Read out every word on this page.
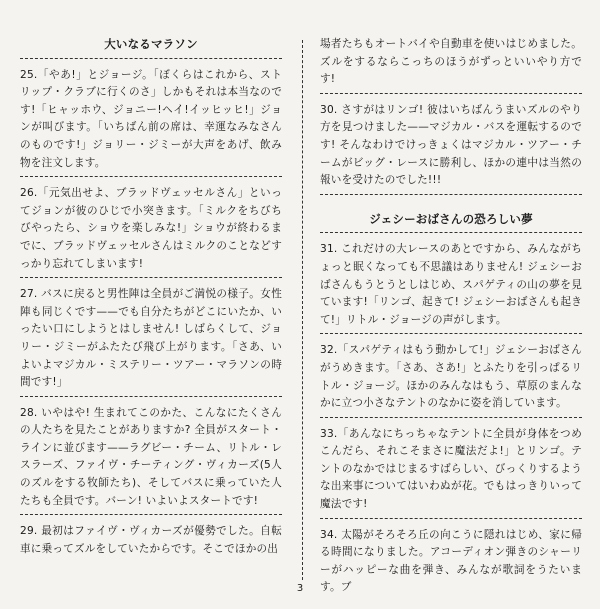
大いなるマラソン
25.「やあ!」とジョージ。「ぼくらはこれから、ストリップ・クラブに行くのさ」しかもそれは本当なのです!「ヒャッホウ、ジョニー!ヘイ!イッヒッヒ!」ジョンが叫びます。「いちばん前の席は、幸運なみなさんのものです!」ジョリー・ジミーが大声をあげ、飲み物を注文します。
26.「元気出せよ、ブラッドヴェッセルさん」といってジョンが彼のひじで小突きます。「ミルクをちびちびやったら、ショウを楽しみな!」ショウが終わるまでに、ブラッドヴェッセルさんはミルクのことなどすっかり忘れてしまいます!
27. バスに戻ると男性陣は全員がご満悦の様子。女性陣も同じくです——でも自分たちがどこにいたか、いったい口にしようとはしません! しばらくして、ジョリー・ジミーがふたたび飛び上がります。「さあ、いよいよマジカル・ミステリー・ツアー・マラソンの時間です!」
28. いやはや! 生まれてこのかた、こんなにたくさんの人たちを見たことがありますか? 全員がスタート・ラインに並びます——ラグビー・チーム、リトル・レスラーズ、ファイヴ・チーティング・ヴィカーズ(5人のズルをする牧師たち)、そしてバスに乗っていた人たちも全員です。バーン! いよいよスタートです!
29. 最初はファイヴ・ヴィカーズが優勢でした。自転車に乗ってズルをしていたからです。そこでほかの出
場者たちもオートバイや自動車を使いはじめました。ズルをするならこっちのほうがずっといいやり方です!
30. さすがはリンゴ! 彼はいちばんうまいズルのやり方を見つけました——マジカル・バスを運転するのです! そんなわけでけっきょくはマジカル・ツアー・チームがビッグ・レースに勝利し、ほかの連中は当然の報いを受けたのでした!!!
ジェシーおばさんの恐ろしい夢
31. これだけの大レースのあとですから、みんながちょっと眠くなっても不思議はありません! ジェシーおばさんもうとうとしはじめ、スパゲティの山の夢を見ています!「リンゴ、起きて! ジェシーおばさんも起きて!」リトル・ジョージの声がします。
32.「スパゲティはもう動かして!」ジェシーおばさんがうめきます。「さあ、さあ!」とふたりを引っぱるリトル・ジョージ。ほかのみんなはもう、草原のまんなかに立つ小さなテントのなかに姿を消しています。
33.「あんなにちっちゃなテントに全員が身体をつめこんだら、それこそまさに魔法だよ!」とリンゴ。テントのなかではじまるすばらしい、びっくりするような出来事についてはいわぬが花。でもはっきりいって魔法です!
34. 太陽がそろそろ丘の向こうに隠れはじめ、家に帰る時間になりました。アコーディオン弾きのシャーリーがハッピーな曲を弾き、みんなが歌詞をうたいます。ブ
3
